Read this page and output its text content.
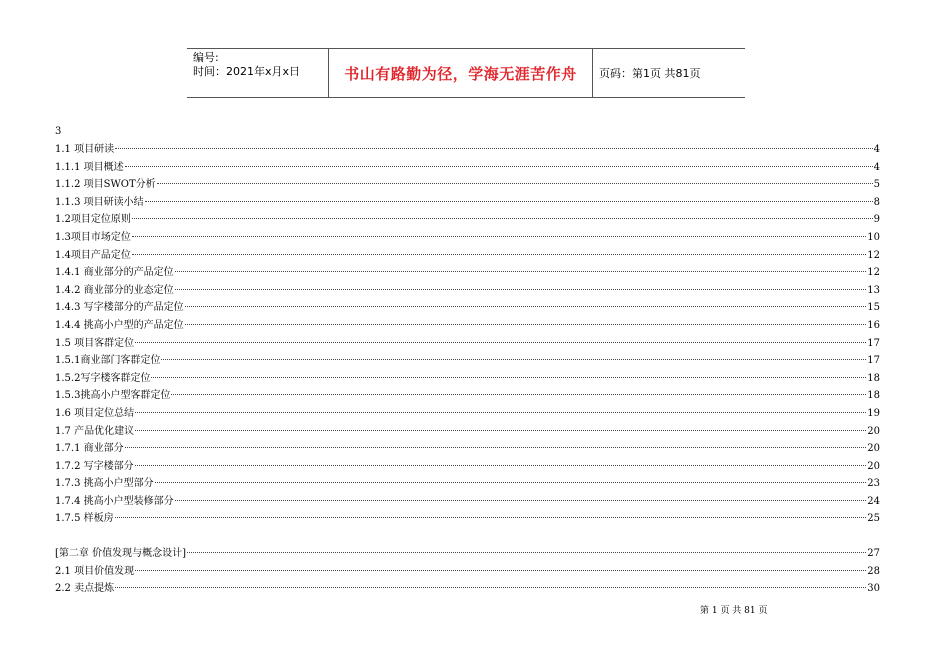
编号:
时间：2021年x月x日	书山有路勤为径，学海无涯苦作舟	页码：第1页 共81页
3
1.1 项目研读	4
1.1.1 项目概述	4
1.1.2 项目SWOT分析	5
1.1.3 项目研读小结	8
1.2项目定位原则	9
1.3项目市场定位	10
1.4项目产品定位	12
1.4.1 商业部分的产品定位	12
1.4.2 商业部分的业态定位	13
1.4.3 写字楼部分的产品定位	15
1.4.4 挑高小户型的产品定位	16
1.5 项目客群定位	17
1.5.1商业部门客群定位	17
1.5.2写字楼客群定位	18
1.5.3挑高小户型客群定位	18
1.6 项目定位总结	19
1.7 产品优化建议	20
1.7.1 商业部分	20
1.7.2 写字楼部分	20
1.7.3 挑高小户型部分	23
1.7.4 挑高小户型装修部分	24
1.7.5 样板房	25
[第二章 价值发现与概念设计]	27
2.1 项目价值发现	28
2.2 卖点提炼	30
第 1 页 共 81 页
